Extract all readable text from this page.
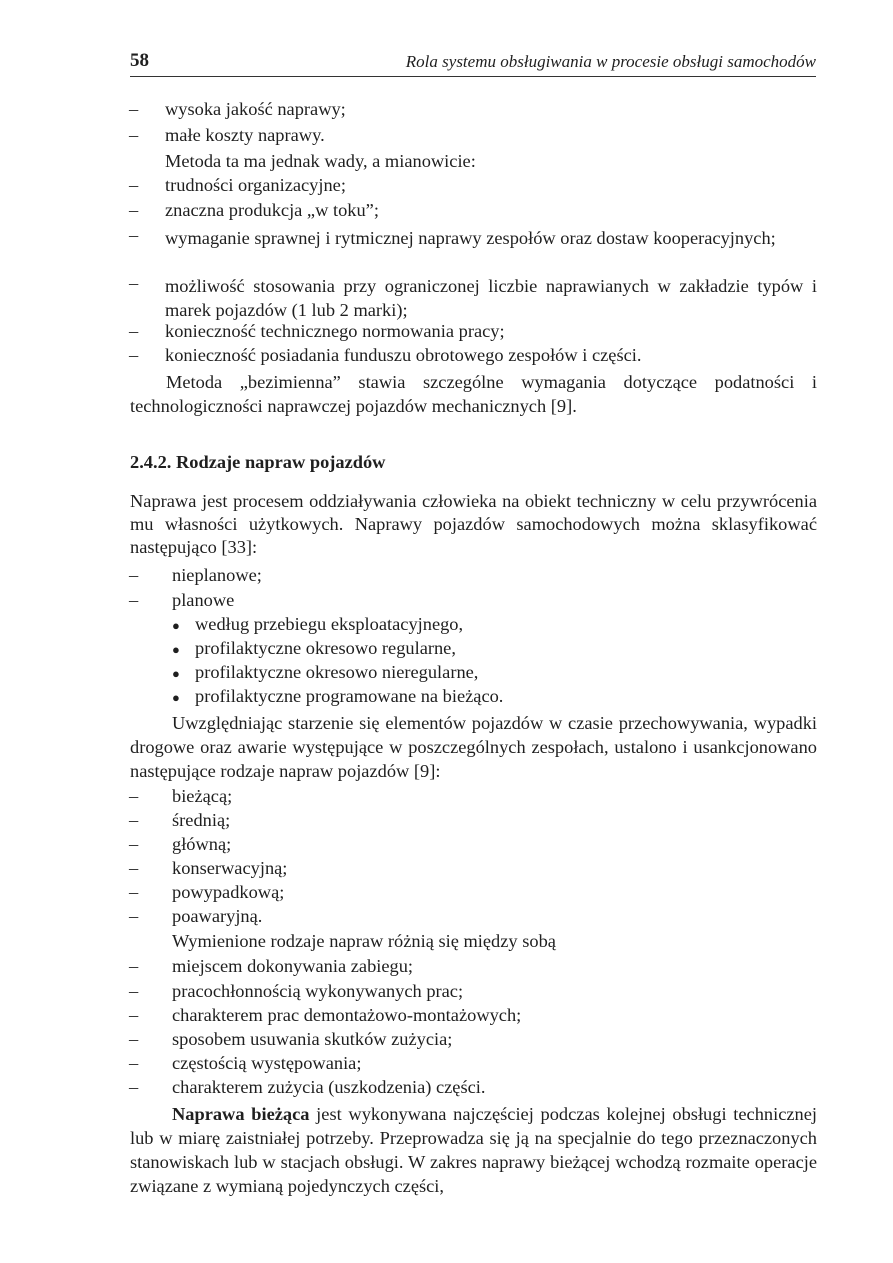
58	Rola systemu obsługiwania w procesie obsługi samochodów
– wysoka jakość naprawy;
– małe koszty naprawy.
Metoda ta ma jednak wady, a mianowicie:
– trudności organizacyjne;
– znaczna produkcja „w toku”;
– wymaganie sprawnej i rytmicznej naprawy zespołów oraz dostaw kooperacyjnych;
– możliwość stosowania przy ograniczonej liczbie naprawianych w zakładzie typów i marek pojazdów (1 lub 2 marki);
– konieczność technicznego normowania pracy;
– konieczność posiadania funduszu obrotowego zespołów i części.
Metoda „bezimienna” stawia szczególne wymagania dotyczące podatności i technologiczności naprawczej pojazdów mechanicznych [9].
2.4.2. Rodzaje napraw pojazdów
Naprawa jest procesem oddziaływania człowieka na obiekt techniczny w celu przywrócenia mu własności użytkowych. Naprawy pojazdów samochodowych można sklasyfikować następująco [33]:
– nieplanowe;
– planowe
● według przebiegu eksploatacyjnego,
● profilaktyczne okresowo regularne,
● profilaktyczne okresowo nieregularne,
● profilaktyczne programowane na bieżąco.
Uwzględniając starzenie się elementów pojazdów w czasie przechowywania, wypadki drogowe oraz awarie występujące w poszczególnych zespołach, ustalono i usankcjonowano następujące rodzaje napraw pojazdów [9]:
– bieżącą;
– średnią;
– główną;
– konserwacyjną;
– powypadkową;
– poawaryjną.
Wymienione rodzaje napraw różnią się między sobą
– miejscem dokonywania zabiegu;
– pracochłonnością wykonywanych prac;
– charakterem prac demontażowo-montażowych;
– sposobem usuwania skutków zużycia;
– częstością występowania;
– charakterem zużycia (uszkodzenia) części.
Naprawa bieżąca jest wykonywana najczęściej podczas kolejnej obsługi technicznej lub w miarę zaistniałej potrzeby. Przeprowadza się ją na specjalnie do tego przeznaczonych stanowiskach lub w stacjach obsługi. W zakres naprawy bieżącej wchodzą rozmaite operacje związane z wymianą pojedynczych części,
